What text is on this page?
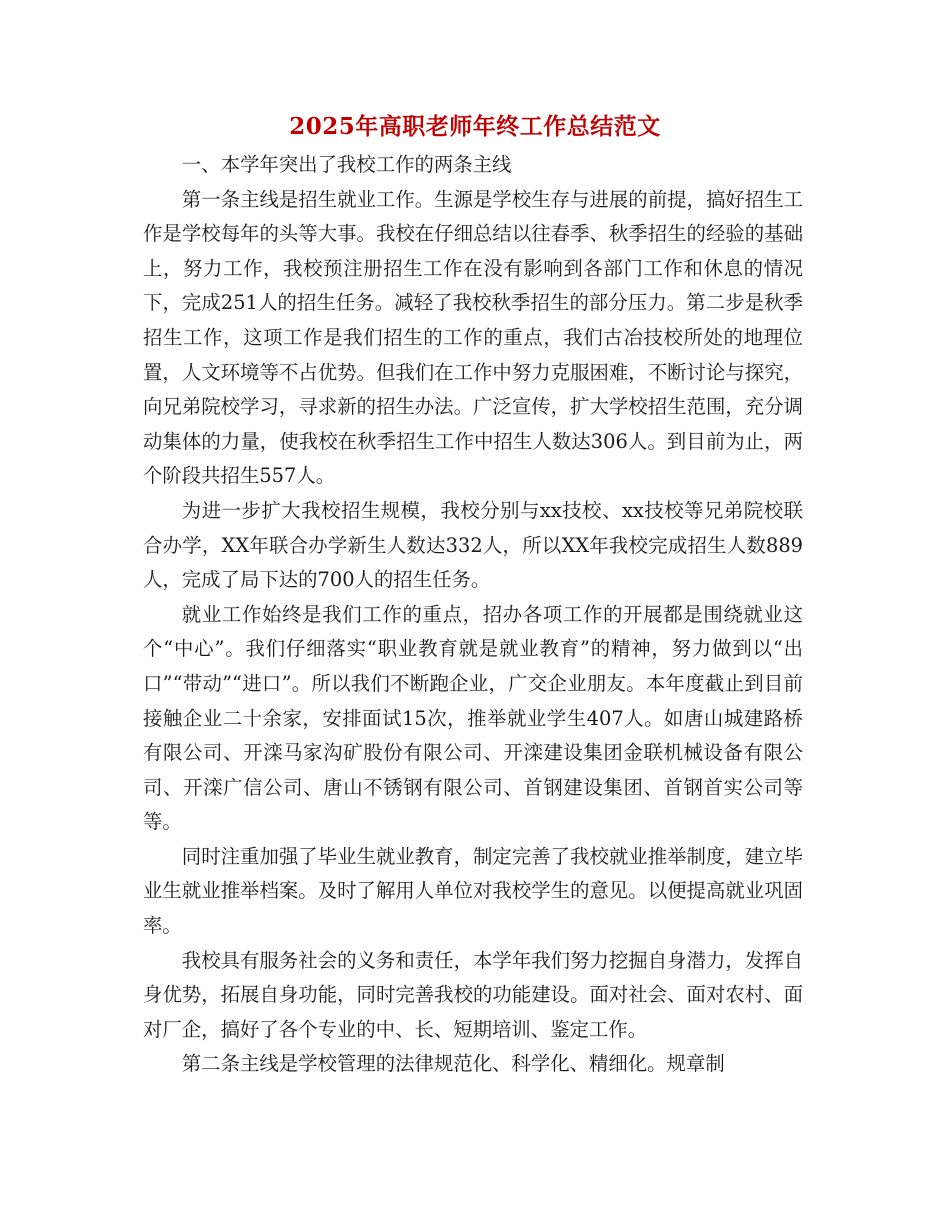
2025年高职老师年终工作总结范文

一、本学年突出了我校工作的两条主线

第一条主线是招生就业工作。生源是学校生存与进展的前提，搞好招生工作是学校每年的头等大事。我校在仔细总结以往春季、秋季招生的经验的基础上，努力工作，我校预注册招生工作在没有影响到各部门工作和休息的情况下，完成251人的招生任务。减轻了我校秋季招生的部分压力。第二步是秋季招生工作，这项工作是我们招生的工作的重点，我们古冶技校所处的地理位置，人文环境等不占优势。但我们在工作中努力克服困难，不断讨论与探究，向兄弟院校学习，寻求新的招生办法。广泛宣传，扩大学校招生范围，充分调动集体的力量，使我校在秋季招生工作中招生人数达306人。到目前为止，两个阶段共招生557人。

为进一步扩大我校招生规模，我校分别与xx技校、xx技校等兄弟院校联合办学，XX年联合办学新生人数达332人，所以XX年我校完成招生人数889人，完成了局下达的700人的招生任务。

就业工作始终是我们工作的重点，招办各项工作的开展都是围绕就业这个“中心”。我们仔细落实“职业教育就是就业教育”的精神，努力做到以“出口”“带动”“进口”。所以我们不断跑企业，广交企业朋友。本年度截止到目前接触企业二十余家，安排面试15次，推举就业学生407人。如唐山城建路桥有限公司、开滦马家沟矿股份有限公司、开滦建设集团金联机械设备有限公司、开滦广信公司、唐山不锈钢有限公司、首钢建设集团、首钢首实公司等等。

同时注重加强了毕业生就业教育，制定完善了我校就业推举制度，建立毕业生就业推举档案。及时了解用人单位对我校学生的意见。以便提高就业巩固率。

我校具有服务社会的义务和责任，本学年我们努力挖掘自身潜力，发挥自身优势，拓展自身功能，同时完善我校的功能建设。面对社会、面对农村、面对厂企，搞好了各个专业的中、长、短期培训、鉴定工作。

第二条主线是学校管理的法律规范化、科学化、精细化。规章制
